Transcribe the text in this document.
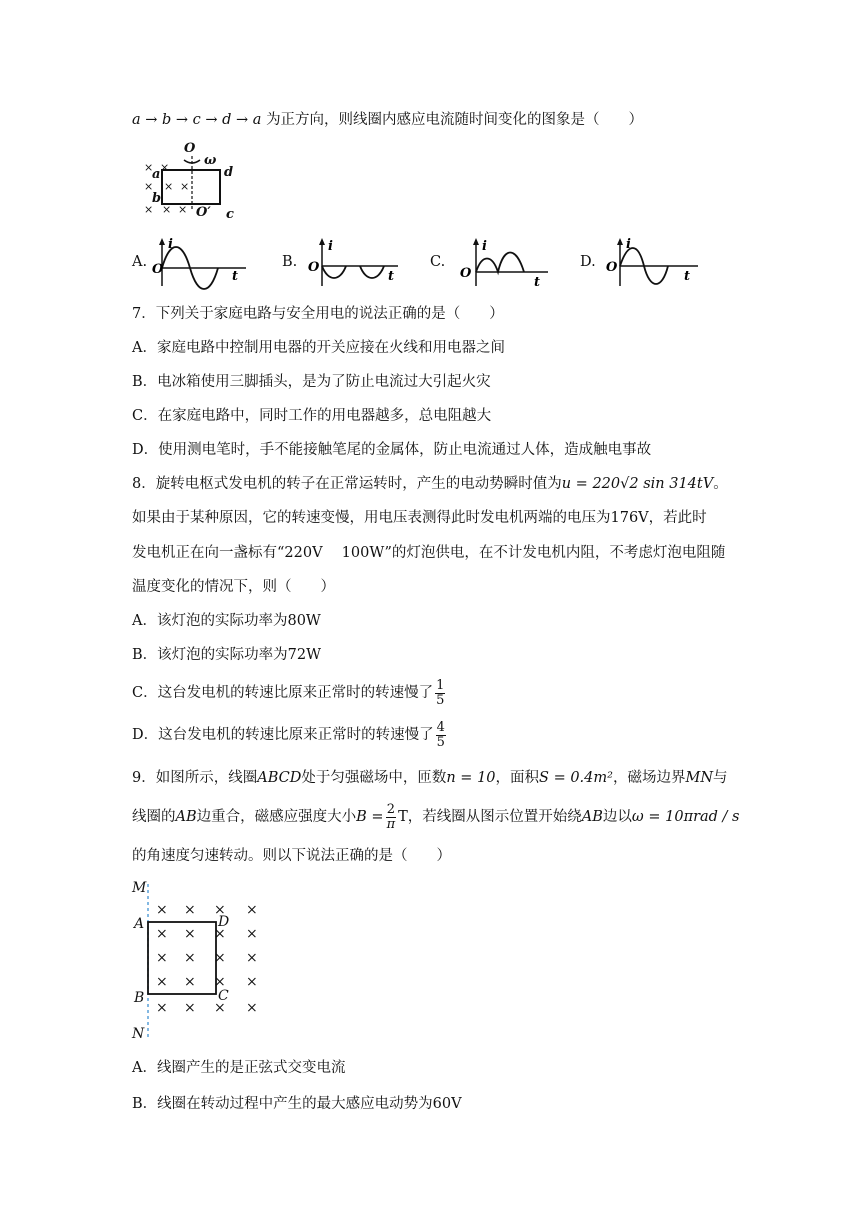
a → b → c → d → a 为正方向，则线圈内感应电流随时间变化的图象是（　　）
× ×
× × ×
× × ×
O
ω
a
b
d
O′ c
A. O
i
t
B. O
i
t
C.
O
i
t
D. O
i
t
7．下列关于家庭电路与安全用电的说法正确的是（　　）
A．家庭电路中控制用电器的开关应接在火线和用电器之间
B．电冰箱使用三脚插头，是为了防止电流过大引起火灾
C．在家庭电路中，同时工作的用电器越多，总电阻越大
D．使用测电笔时，手不能接触笔尾的金属体，防止电流通过人体，造成触电事故
8．旋转电枢式发电机的转子在正常运转时，产生的电动势瞬时值为u = 220√2 sin 314tV。
如果由于某种原因，它的转速变慢，用电压表测得此时发电机两端的电压为176V，若此时
发电机正在向一盏标有“220V　 100W”的灯泡供电，在不计发电机内阻，不考虑灯泡电阻随
温度变化的情况下，则（　　）
A．该灯泡的实际功率为80W
B．该灯泡的实际功率为72W
C．这台发电机的转速比原来正常时的转速慢了 $\frac{1}{5}$
D．这台发电机的转速比原来正常时的转速慢了 $\frac{4}{5}$
9．如图所示，线圈ABCD处于匀强磁场中，匝数n = 10，面积S = 0.4m²，磁场边界MN与
线圈的AB边重合，磁感应强度大小$B = \frac{2}{\pi}$ T，若线圈从图示位置开始绕AB边以ω = 10πrad / s
的角速度匀速转动。则以下说法正确的是（　　）
× × × ×
× × × ×
× × × ×
× × × ×
× × × ×
M
A	D
B	C
N
A．线圈产生的是正弦式交变电流
B．线圈在转动过程中产生的最大感应电动势为60V
